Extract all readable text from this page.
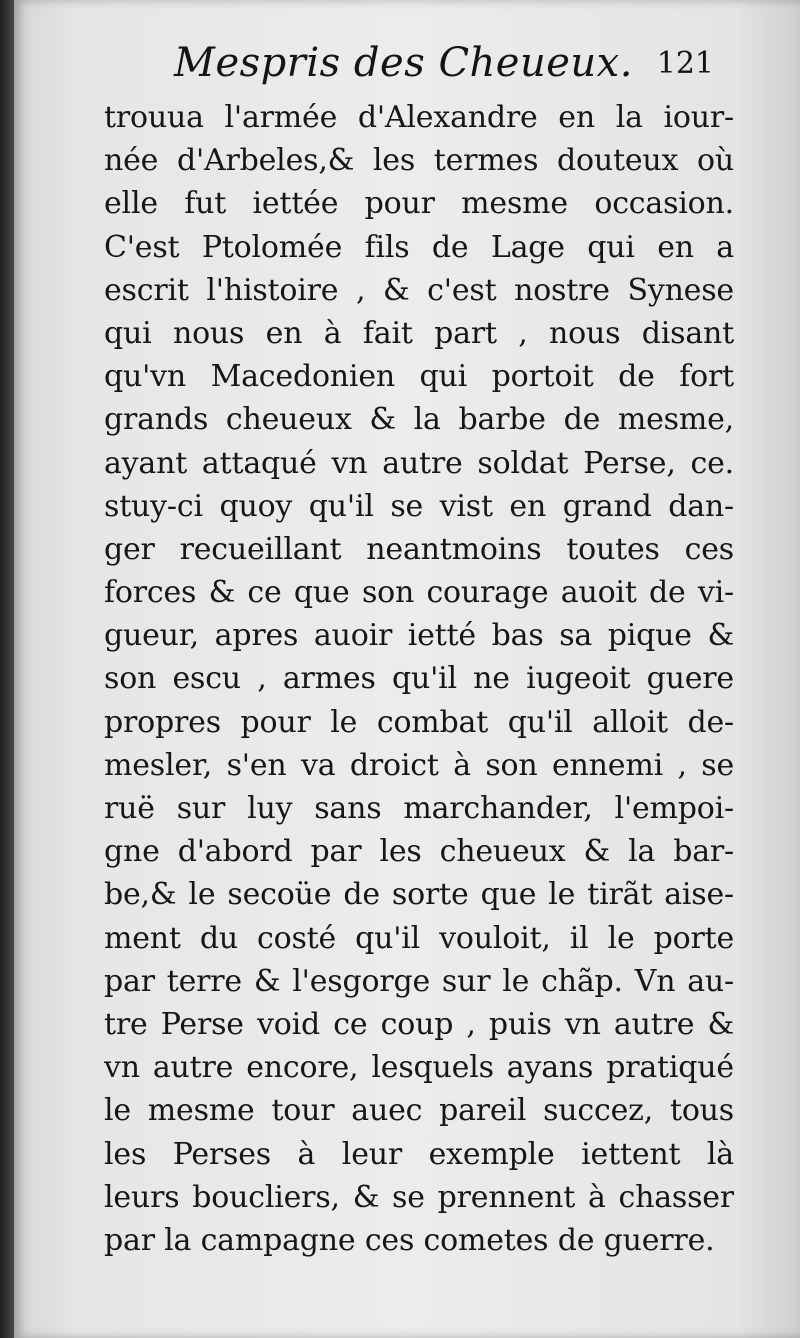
Mespris des Cheueux. 121
trouua l'armée d'Alexandre en la iour-
née d'Arbeles,& les termes douteux où
elle fut iettée pour mesme occasion.
C'est Ptolomée fils de Lage qui en a
escrit l'histoire , & c'est nostre Synese
qui nous en à fait part , nous disant
qu'vn Macedonien qui portoit de fort
grands cheueux & la barbe de mesme,
ayant attaqué vn autre soldat Perse, ce.
stuy-ci quoy qu'il se vist en grand dan-
ger recueillant neantmoins toutes ces
forces & ce que son courage auoit de vi-
gueur, apres auoir ietté bas sa pique &
son escu , armes qu'il ne iugeoit guere
propres pour le combat qu'il alloit de-
mesler, s'en va droict à son ennemi , se
ruë sur luy sans marchander, l'empoi-
gne d'abord par les cheueux & la bar-
be,& le secoüe de sorte que le tirãt aise-
ment du costé qu'il vouloit, il le porte
par terre & l'esgorge sur le chãp. Vn au-
tre Perse void ce coup , puis vn autre &
vn autre encore, lesquels ayans pratiqué
le mesme tour auec pareil succez, tous
les Perses à leur exemple iettent là
leurs boucliers, & se prennent à chasser
par la campagne ces cometes de guerre.
